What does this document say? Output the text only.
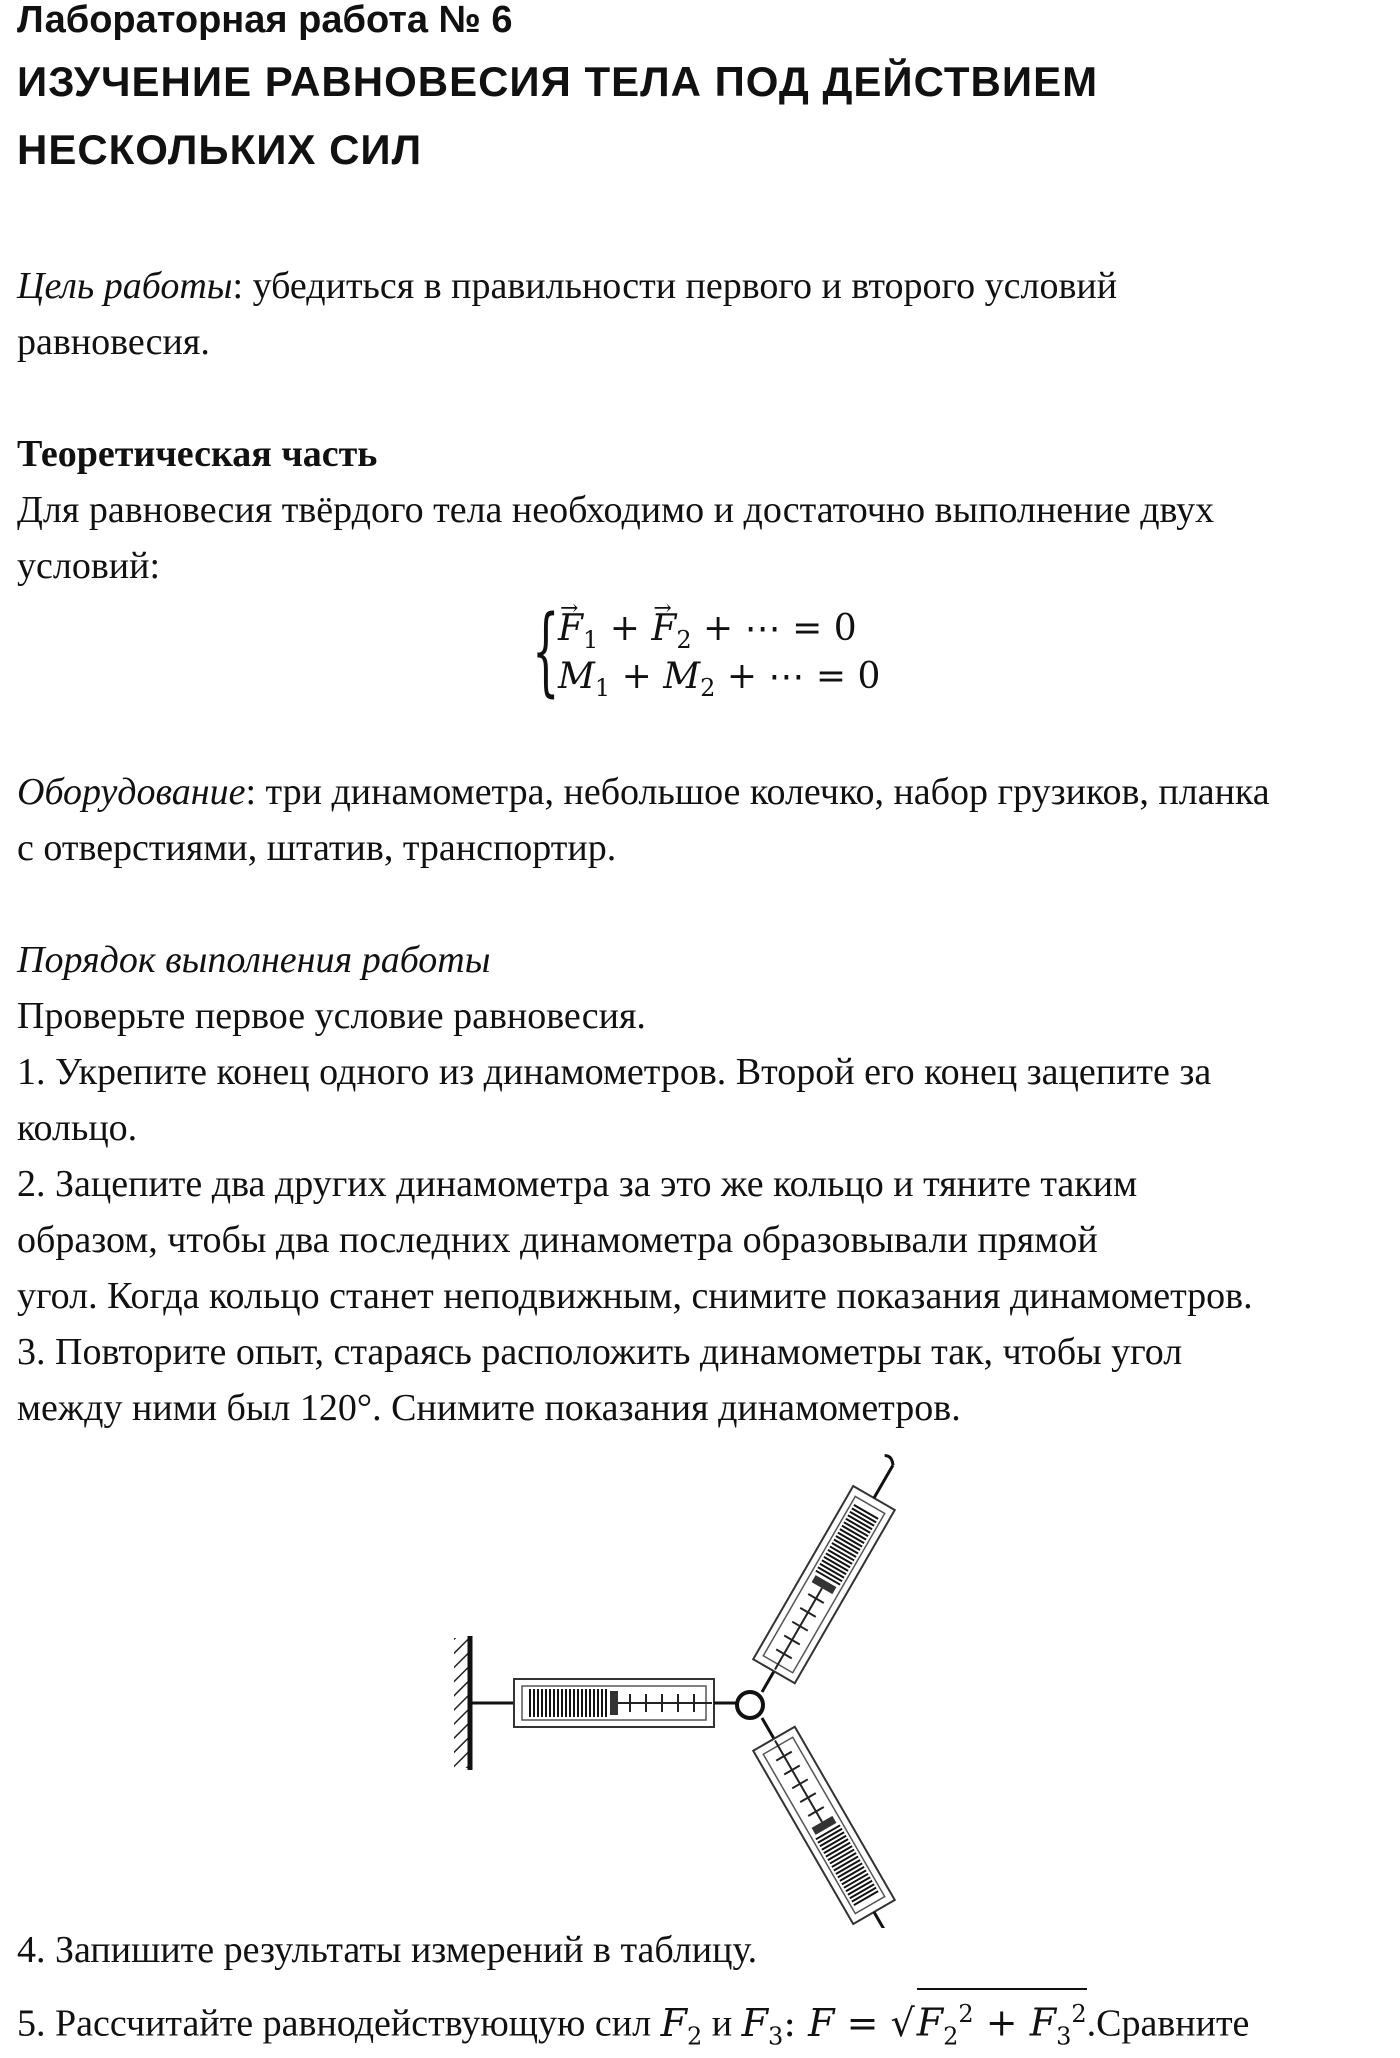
Лабораторная работа № 6
ИЗУЧЕНИЕ РАВНОВЕСИЯ ТЕЛА ПОД ДЕЙСТВИЕМ
НЕСКОЛЬКИХ СИЛ
Цель работы: убедиться в правильности первого и второго условий
равновесия.
Теоретическая часть
Для равновесия твёрдого тела необходимо и достаточно выполнение двух
условий:
{
→ $F_1$ + → $F_2$ + ⋯ = 0
$M_1 + M_2$ + ⋯ = 0
Оборудование: три динамометра, небольшое колечко, набор грузиков, планка
с отверстиями, штатив, транспортир.
Порядок выполнения работы
Проверьте первое условие равновесия.
1. Укрепите конец одного из динамометров. Второй его конец зацепите за
кольцо.
2. Зацепите два других динамометра за это же кольцо и тяните таким
образом, чтобы два последних динамометра образовывали прямой
угол. Когда кольцо станет неподвижным, снимите показания динамометров.
3. Повторите опыт, стараясь расположить динамометры так, чтобы угол
между ними был 120°. Снимите показания динамометров.
4. Запишите результаты измерений в таблицу.
5. Рассчитайте равнодействующую сил $F_2$ и $F_3$: $F = √F_2^2$ + $F_3^2.Сравните$
